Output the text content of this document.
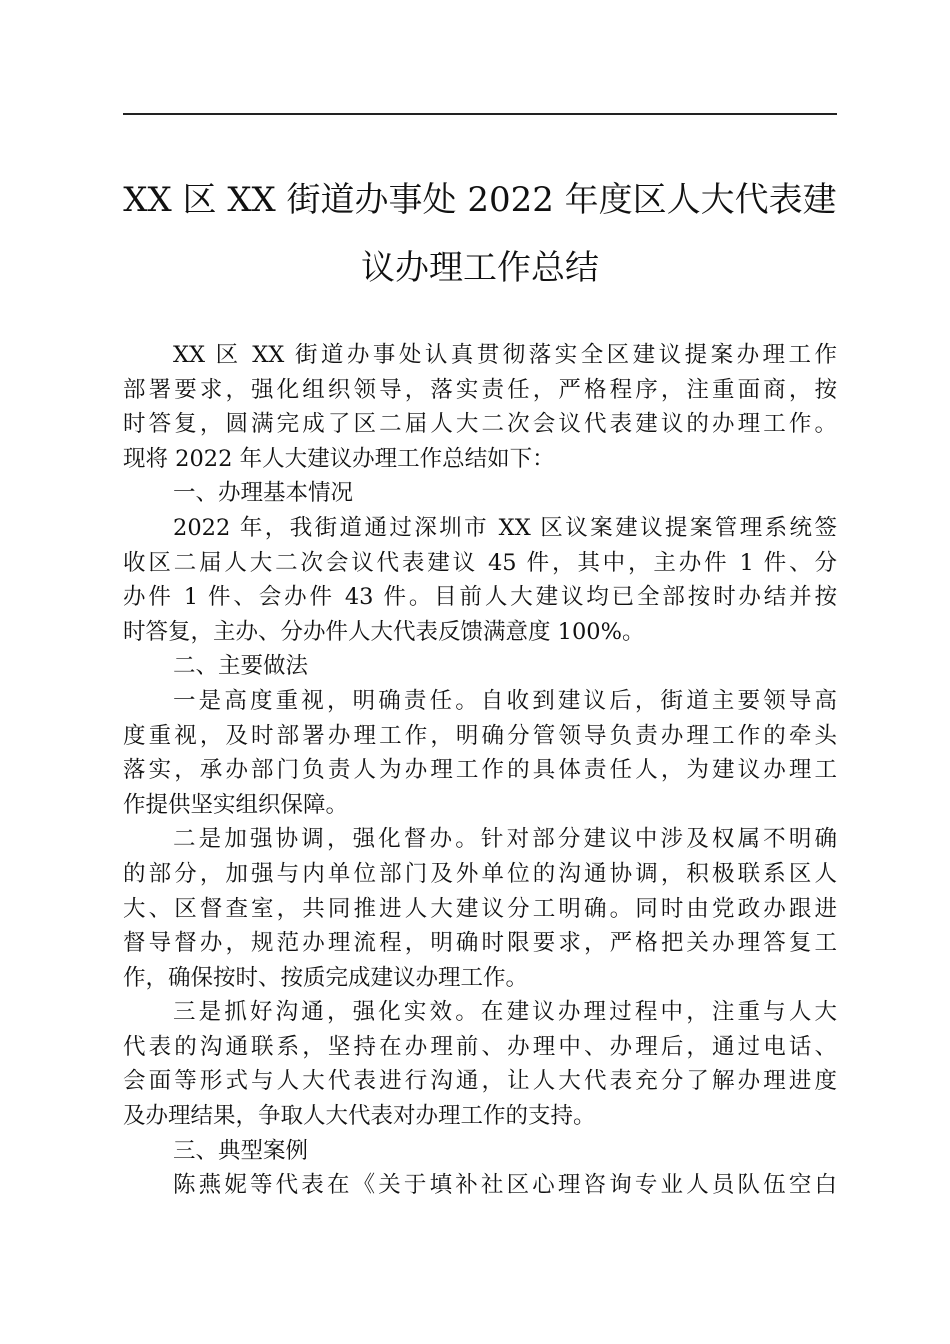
XX 区 XX 街道办事处 2022 年度区人大代表建
议办理工作总结
XX 区 XX 街道办事处认真贯彻落实全区建议提案办理工作
部署要求，强化组织领导，落实责任，严格程序，注重面商，按
时答复，圆满完成了区二届人大二次会议代表建议的办理工作。
现将 2022 年人大建议办理工作总结如下：
一、办理基本情况
2022 年，我街道通过深圳市 XX 区议案建议提案管理系统签
收区二届人大二次会议代表建议 45 件，其中，主办件 1 件、分
办件 1 件、会办件 43 件。目前人大建议均已全部按时办结并按
时答复，主办、分办件人大代表反馈满意度 100%。
二、主要做法
一是高度重视，明确责任。自收到建议后，街道主要领导高
度重视，及时部署办理工作，明确分管领导负责办理工作的牵头
落实，承办部门负责人为办理工作的具体责任人，为建议办理工
作提供坚实组织保障。
二是加强协调，强化督办。针对部分建议中涉及权属不明确
的部分，加强与内单位部门及外单位的沟通协调，积极联系区人
大、区督查室，共同推进人大建议分工明确。同时由党政办跟进
督导督办，规范办理流程，明确时限要求，严格把关办理答复工
作，确保按时、按质完成建议办理工作。
三是抓好沟通，强化实效。在建议办理过程中，注重与人大
代表的沟通联系，坚持在办理前、办理中、办理后，通过电话、
会面等形式与人大代表进行沟通，让人大代表充分了解办理进度
及办理结果，争取人大代表对办理工作的支持。
三、典型案例
陈燕妮等代表在《关于填补社区心理咨询专业人员队伍空白
